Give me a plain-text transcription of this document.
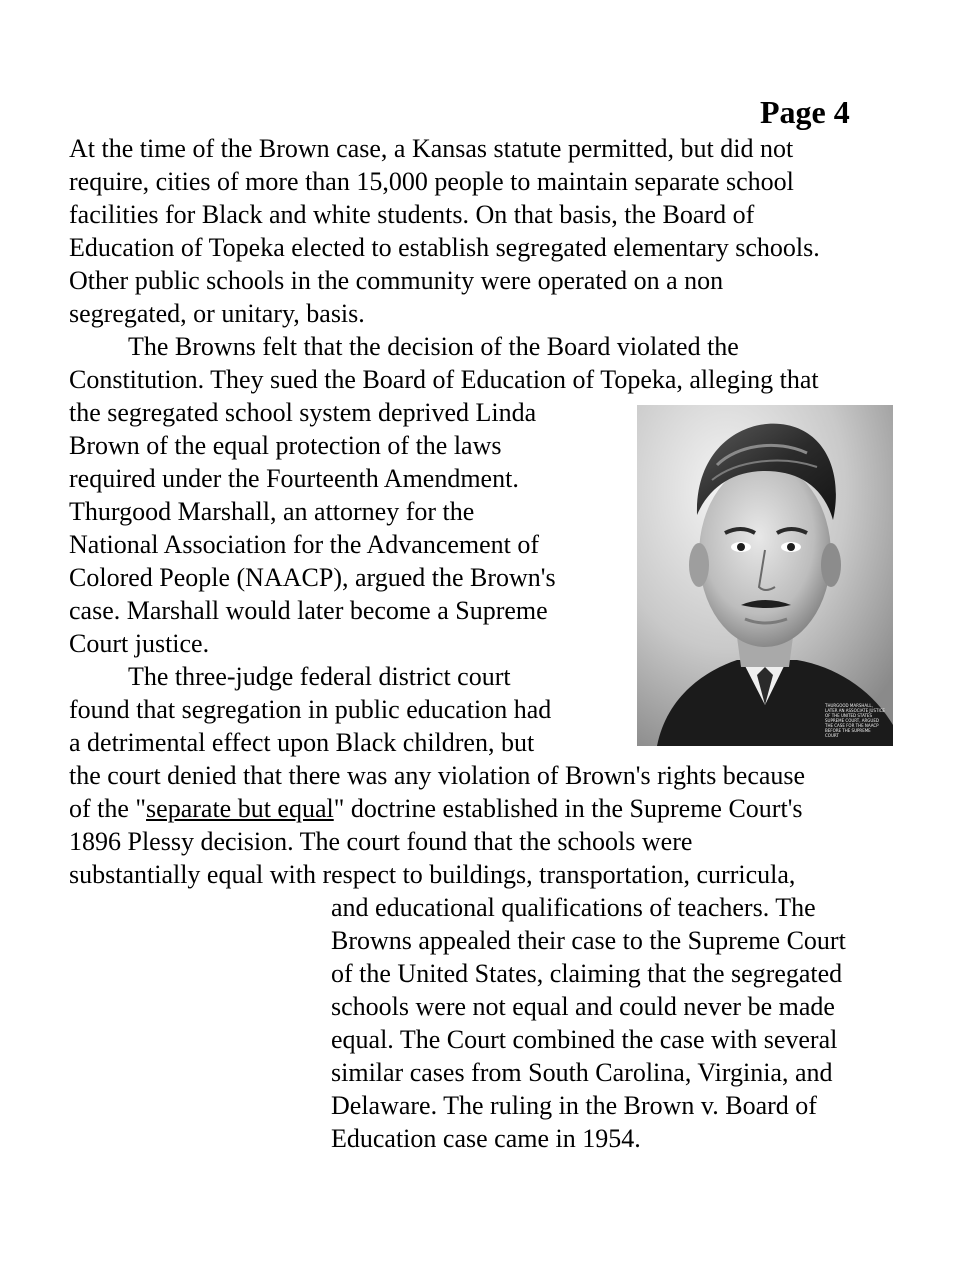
Page 4
At the time of the Brown case, a Kansas statute permitted, but did not
require, cities of more than 15,000 people to maintain separate school
facilities for Black and white students. On that basis, the Board of
Education of Topeka elected to establish segregated elementary schools.
Other public schools in the community were operated on a non
segregated, or unitary, basis.
The Browns felt that the decision of the Board violated the
Constitution. They sued the Board of Education of Topeka, alleging that
the segregated school system deprived Linda
Brown of the equal protection of the laws
required under the Fourteenth Amendment.
Thurgood Marshall, an attorney for the
National Association for the Advancement of
Colored People (NAACP), argued the Brown's
case. Marshall would later become a Supreme
Court justice.
The three-judge federal district court
found that segregation in public education had
a detrimental effect upon Black children, but
the court denied that there was any violation of Brown's rights because
of the "separate but equal" doctrine established in the Supreme Court's
1896 Plessy decision. The court found that the schools were
substantially equal with respect to buildings, transportation, curricula,
and educational qualifications of teachers. The
Browns appealed their case to the Supreme Court
of the United States, claiming that the segregated
schools were not equal and could never be made
equal. The Court combined the case with several
similar cases from South Carolina, Virginia, and
Delaware. The ruling in the Brown v. Board of
Education case came in 1954.
THURGOOD MARSHALL, LATER AN ASSOCIATE JUSTICE OF THE UNITED STATES SUPREME COURT, ARGUED THE CASE FOR THE NAACP BEFORE THE SUPREME COURT
